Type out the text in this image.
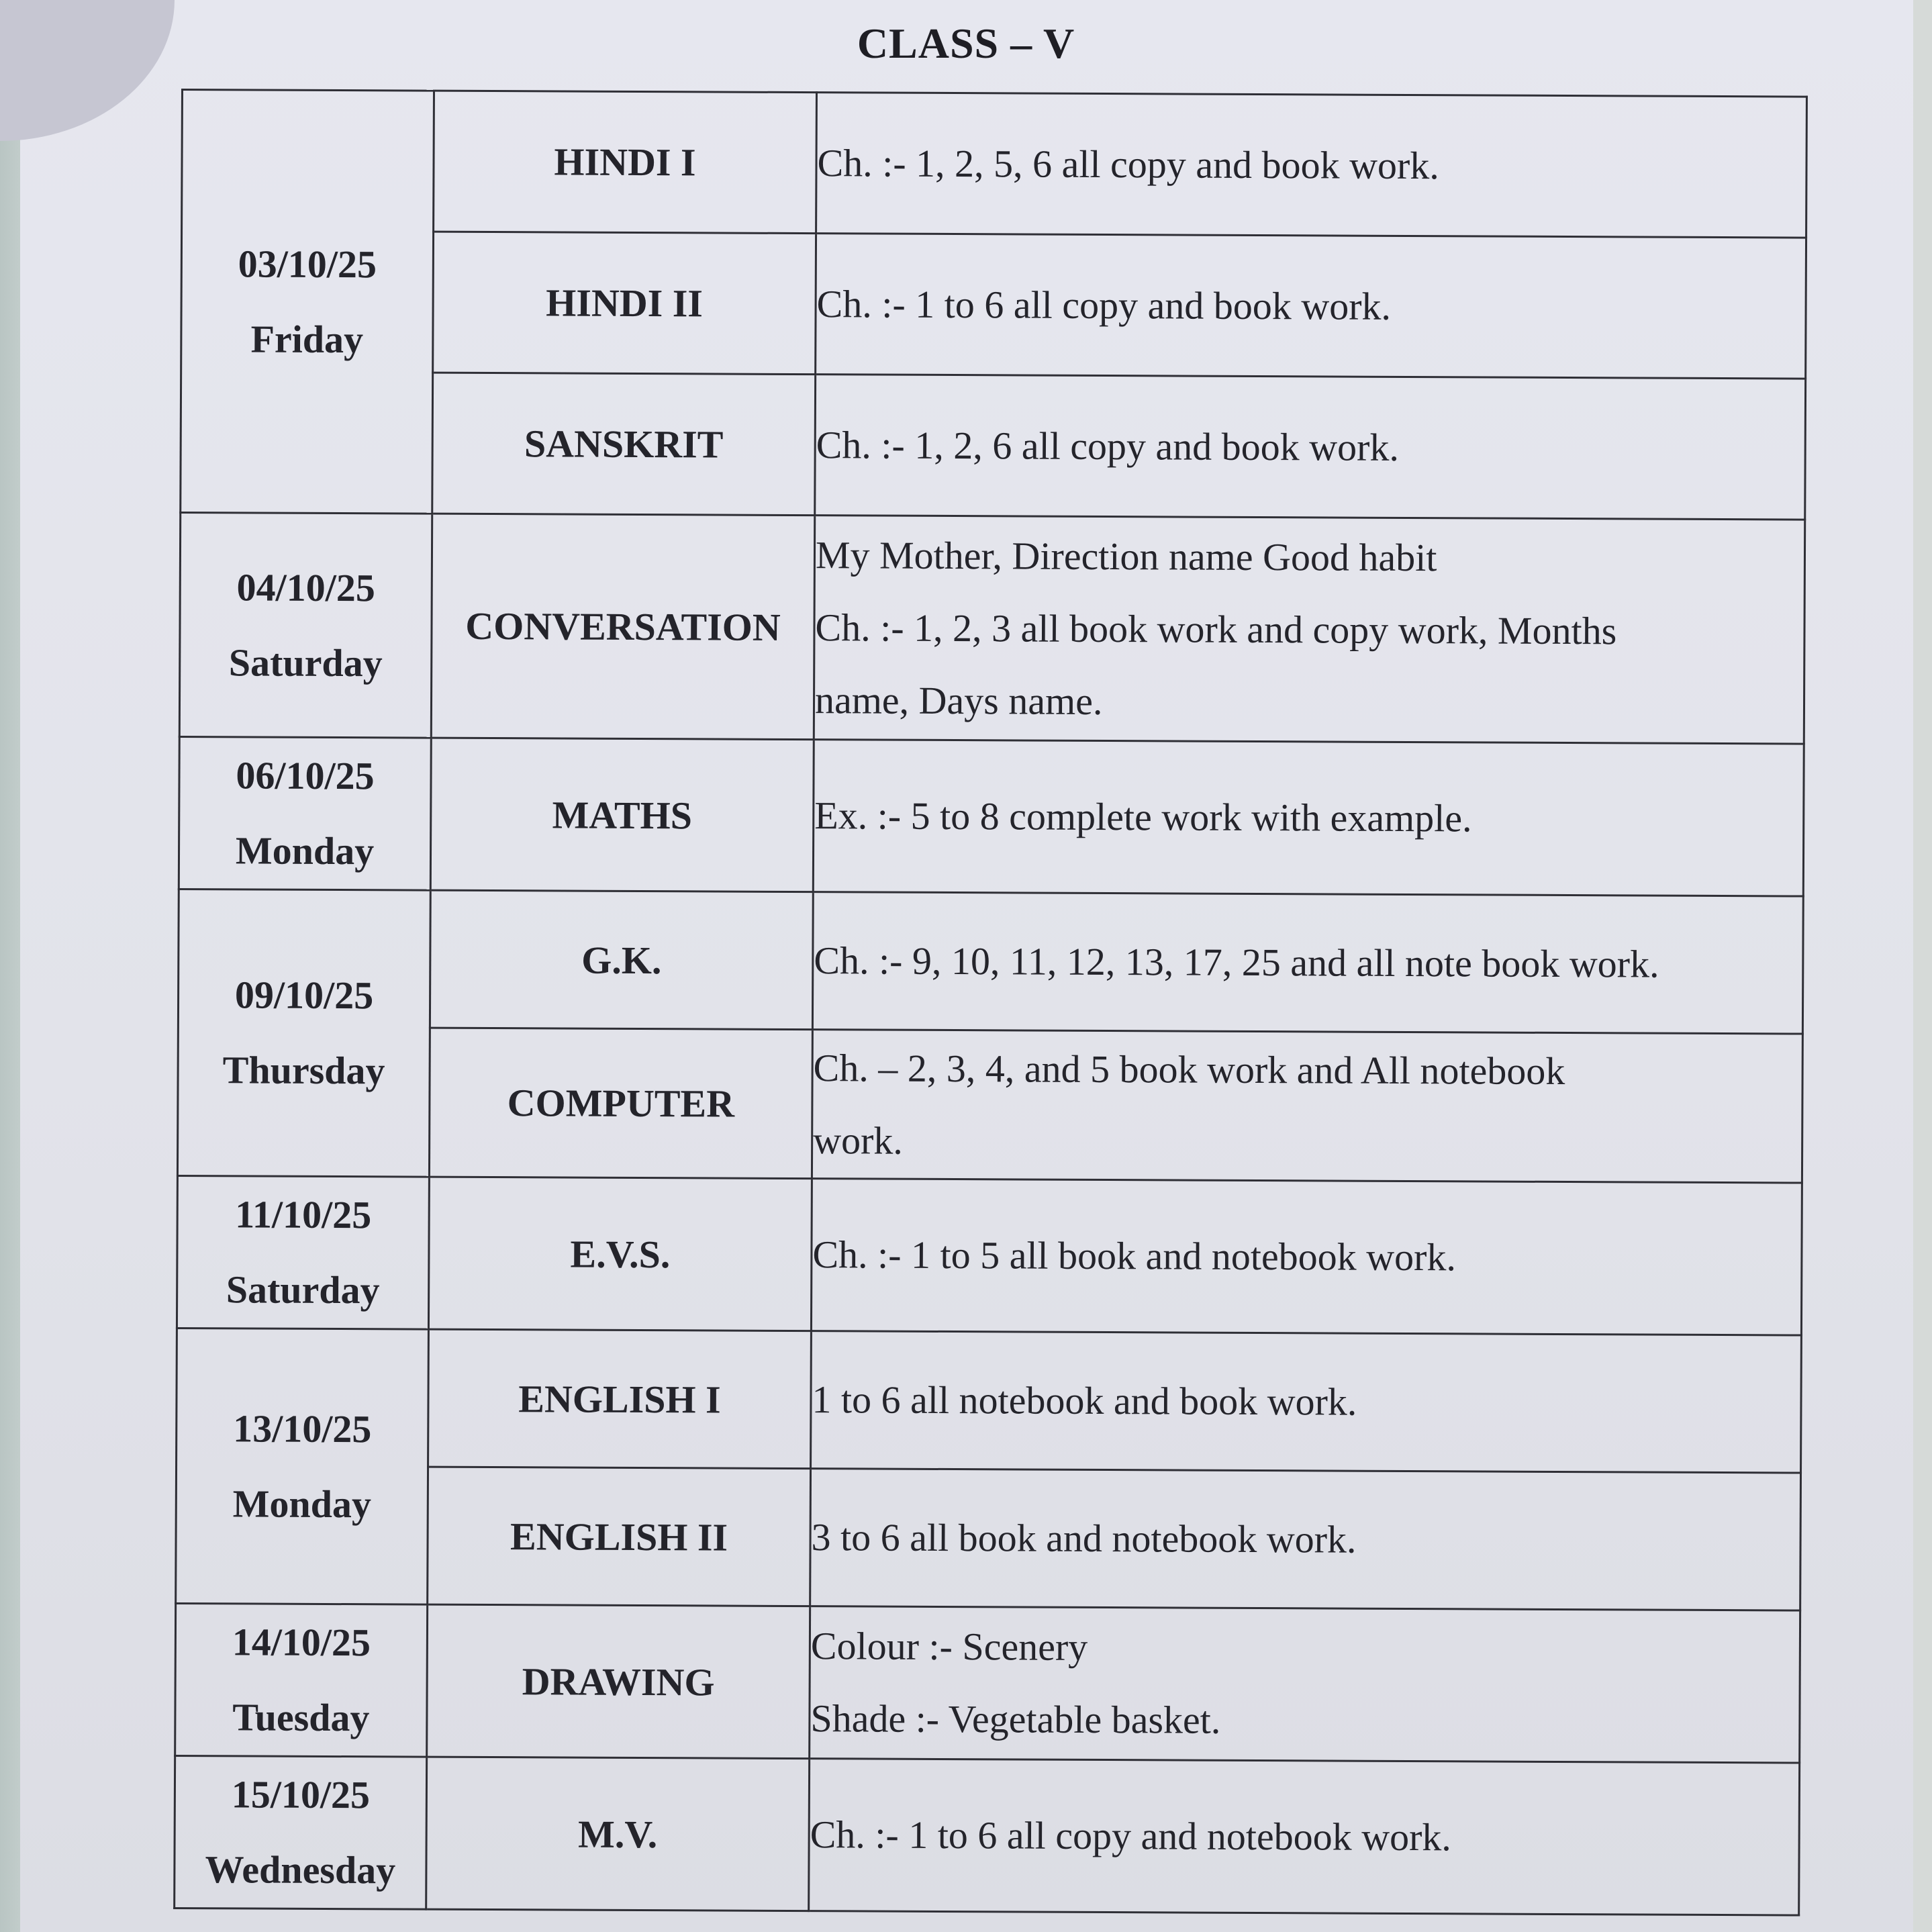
CLASS – V
03/10/25
Friday	HINDI I	Ch. :- 1, 2, 5, 6 all copy and book work.

	HINDI II	Ch. :- 1 to 6 all copy and book work.

	SANSKRIT	Ch. :- 1, 2, 6 all copy and book work.

04/10/25
Saturday	CONVERSATION	My Mother, Direction name Good habit
Ch. :- 1, 2, 3 all book work and copy work, Months
name, Days name.

06/10/25
Monday	MATHS	Ex. :- 5 to 8 complete work with example.

09/10/25
Thursday	G.K.	Ch. :- 9, 10, 11, 12, 13, 17, 25 and all note book work.

	COMPUTER	Ch. – 2, 3, 4, and 5 book work and All notebook
work.

11/10/25
Saturday	E.V.S.	Ch. :- 1 to 5 all book and notebook work.

13/10/25
Monday	ENGLISH I	1 to 6 all notebook and book work.

	ENGLISH II	3 to 6 all book and notebook work.

14/10/25
Tuesday	DRAWING	Colour :- Scenery
Shade :- Vegetable basket.

15/10/25
Wednesday	M.V.	Ch. :- 1 to 6 all copy and notebook work.
